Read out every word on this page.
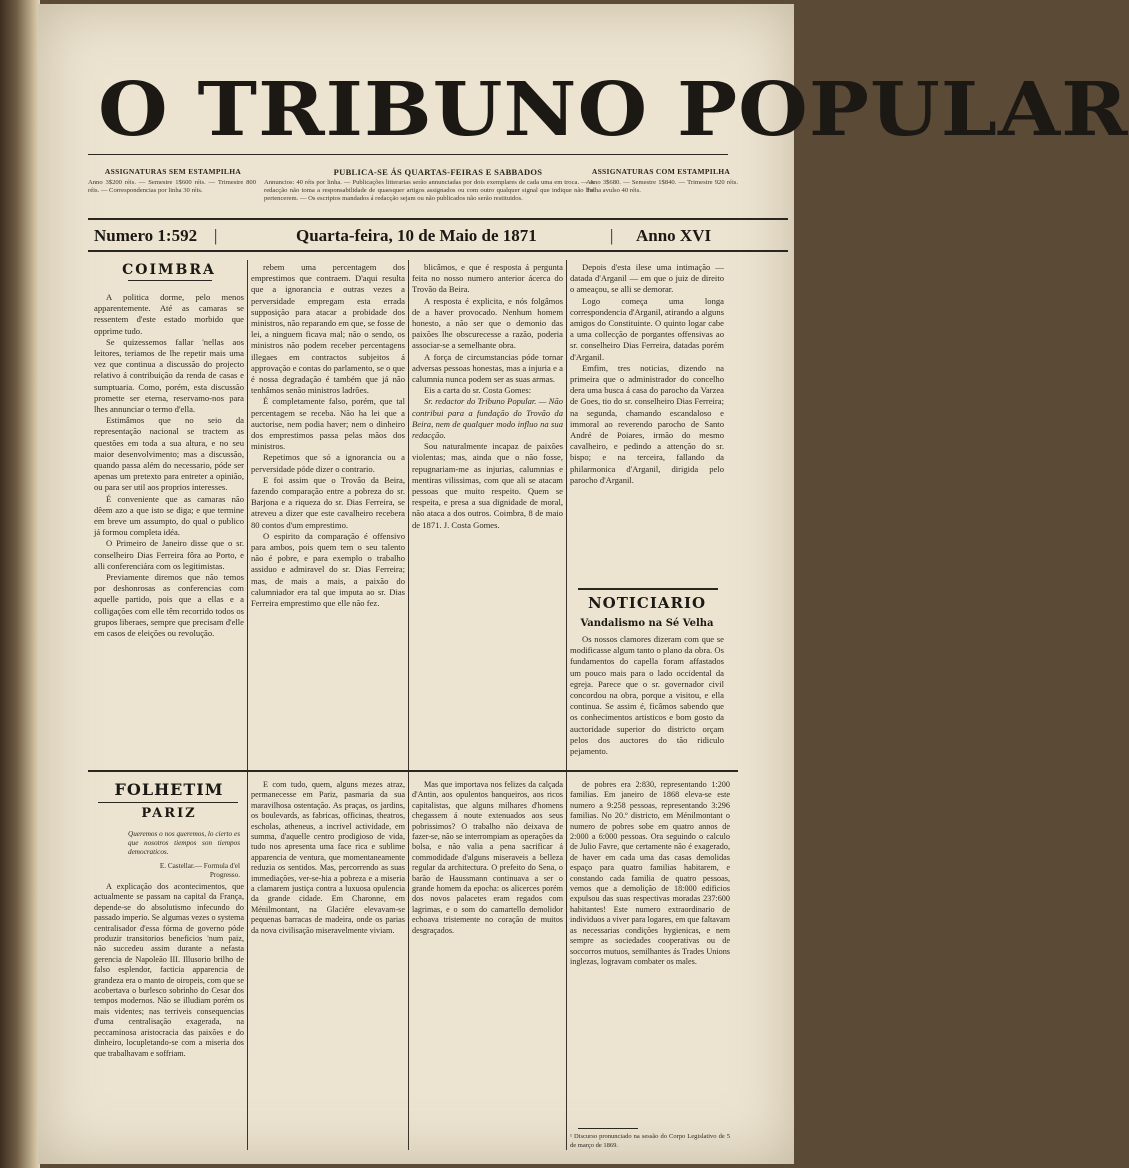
O TRIBUNO POPULAR
ASSIGNATURAS SEM ESTAMPILHA
Anno 3$200 réis. — Semestre 1$600 réis. — Trimestre 800 réis. — Correspondencias por linha 30 réis.
PUBLICA-SE ÁS QUARTAS-FEIRAS E SABBADOS
Annuncios: 40 réis por linha. — Publicações litterarias serão annunciadas por dois exemplares de cada uma em troca. — A redacção não toma a responsabilidade de quaesquer artigos assignados ou com outro qualquer signal que indique não lhe pertencerem. — Os escriptos mandados á redacção sejam ou não publicados não serão restituidos.
ASSIGNATURAS COM ESTAMPILHA
Anno 3$680. — Semestre 1$840. — Trimestre 920 réis. Folha avulso 40 réis.
Numero 1:592 |	Quarta-feira, 10 de Maio de 1871	| Anno XVI
COIMBRA

A politica dorme, pelo menos apparentemente. Até as camaras se ressentem d'este estado morbido que opprime tudo.

Se quizessemos fallar 'nellas aos leitores, teriamos de lhe repetir mais uma vez que continua a discussão do projecto relativo á contribuição da renda de casas e sumptuaria. Como, porém, esta discussão promette ser eterna, reservamo-nos para lhes annunciar o termo d'ella.

Estimâmos que no seio da representação nacional se tractem as questões em toda a sua altura, e no seu maior desenvolvimento; mas a discussão, quando passa além do necessario, póde ser apenas um pretexto para entreter a opinião, ou para ser util aos proprios interesses.

É conveniente que as camaras não dêem azo a que isto se diga; e que termine em breve um assumpto, do qual o publico já formou completa idéa.

O Primeiro de Janeiro disse que o sr. conselheiro Dias Ferreira fôra ao Porto, e alli conferenciára com os legitimistas.

Previamente diremos que não temos por deshonrosas as conferencias com aquelle partido, pois que a ellas e a colligações com elle têm recorrido todos os grupos liberaes, sempre que precisam d'elle em casos de eleições ou revolução.

rebem uma percentagem dos emprestimos que contraem. D'aqui resulta que a ignorancia e outras vezes a perversidade empregam esta errada supposição para atacar a probidade dos ministros, não reparando em que, se fosse de lei, a ninguem ficava mal; não o sendo, os ministros não podem receber percentagens illegaes em contractos subjeitos á approvação e contas do parlamento, se o que é nossa degradação é também que já não tenhâmos senão ministros ladrões.

É completamente falso, porém, que tal percentagem se receba. Não ha lei que a auctorise, nem podia haver; nem o dinheiro dos emprestimos passa pelas mãos dos ministros.

Repetimos que só a ignorancia ou a perversidade póde dizer o contrario.

E foi assim que o Trovão da Beira, fazendo comparação entre a pobreza do sr. Barjona e a riqueza do sr. Dias Ferreira, se atreveu a dizer que este cavalheiro recebera 80 contos d'um emprestimo.

O espirito da comparação é offensivo para ambos, pois quem tem o seu talento não é pobre, e para exemplo o trabalho assiduo e admiravel do sr. Dias Ferreira; mas, de mais a mais, a paixão do calumniador era tal que imputa ao sr. Dias Ferreira emprestimo que elle não fez.

blicâmos, e que é resposta á pergunta feita no nosso numero anterior ácerca do Trovão da Beira.

A resposta é explicita, e nós folgâmos de a haver provocado. Nenhum homem honesto, a não ser que o demonio das paixões lhe obscurecesse a razão, poderia associar-se a semelhante obra.

A força de circumstancias póde tornar adversas pessoas honestas, mas a injuria e a calumnia nunca podem ser as suas armas.

Eis a carta do sr. Costa Gomes:

Sr. redactor do Tribuno Popular. — Não contribui para a fundação do Trovão da Beira, nem de qualquer modo influo na sua redacção.

Sou naturalmente incapaz de paixões violentas; mas, ainda que o não fosse, repugnariam-me as injurias, calumnias e mentiras vilissimas, com que ali se atacam pessoas que muito respeito. Quem se respeita, e presa a sua dignidade de moral, não ataca a dos outros. Coimbra, 8 de maio de 1871. J. Costa Gomes.

Depois d'esta ilese uma intimação — datada d'Arganil — em que o juiz de direito o ameaçou, se alli se demorar.

Logo começa uma longa correspondencia d'Arganil, atirando a alguns amigos do Constituinte. O quinto logar cabe a uma collecção de porgantes offensivas ao sr. conselheiro Dias Ferreira, datadas porém d'Arganil.

Emfim, tres noticias, dizendo na primeira que o administrador do concelho dera uma busca á casa do parocho da Varzea de Goes, tio do sr. conselheiro Dias Ferreira; na segunda, chamando escandaloso e immoral ao reverendo parocho de Santo André de Poiares, irmão do mesmo cavalheiro, e pedindo a attenção do sr. bispo; e na terceira, fallando da philarmonica d'Arganil, dirigida pelo parocho d'Arganil.

NOTICIARIO
Vandalismo na Sé Velha

Os nossos clamores dizeram com que se modificasse algum tanto o plano da obra. Os fundamentos do capella foram affastados um pouco mais para o lado occidental da egreja. Parece que o sr. governador civil concordou na obra, porque a visitou, e ella continua. Se assim é, ficâmos sabendo que os conhecimentos artisticos e bom gosto da auctoridade superior do districto orçam pelos dos auctores do tão ridiculo pejamento.

FOLHETIM
PARIZ
Queremos o nos queremos, lo cierto es que nosotros tiempos son tiempos democraticos.
E. Castellar.— Formula d'el Progresso.

A explicação dos acontecimentos, que actualmente se passam na capital da França, depende-se do absolutismo infecundo do passado imperio. Se algumas vezes o systema centralisador d'essa fórma de governo póde produzir transitorios beneficios 'num paiz, não succedeu assim durante a nefasta gerencia de Napoleão III. Illusorio brilho de falso esplendor, facticia apparencia de grandeza era o manto de oiropeis, com que se acobertava o burlesco sobrinho do Cesar dos tempos modernos. Não se illudiam porém os mais videntes; nas terriveis consequencias d'uma centralisação exagerada, na peccaminosa aristocracia das paixões e do dinheiro, locupletando-se com a miseria dos que trabalhavam e soffriam.

E com tudo, quem, alguns mezes atraz, permanecesse em Pariz, pasmaria da sua maravilhosa ostentação. As praças, os jardins, os boulevards, as fabricas, officinas, theatros, escholas, atheneus, a incrivel actividade, em summa, d'aquelle centro prodigioso de vida, tudo nos apresenta uma face rica e sublime apparencia de ventura, que momentaneamente reduzia os sentidos. Mas, percorrendo as suas immediações, ver-se-hia a pobreza e a miseria a clamarem justiça contra a luxuosa opulencia da grande cidade. Em Charonne, em Ménilmontant, na Glaciére elevavam-se pequenas barracas de madeira, onde os parias da nova civilisação miseravelmente viviam.

Mas que importava nos felizes da calçada d'Antin, aos opulentos banqueiros, aos ricos capitalistas, que alguns milhares d'homens chegassem á noute extenuados aos seus pobrissimos? O trabalho não deixava de fazer-se, não se interrompiam as operações da bolsa, e não valia a pena sacrificar á commodidade d'alguns miseraveis a belleza regular da architectura. O prefeito do Sena, o barão de Haussmann continuava a ser o grande homem da epocha: os alicerces porém dos novos palacetes eram regados com lagrimas, e o som do camartello demolidor echoava tristemente no coração de muitos desgraçados.

de pobres era 2:830, representando 1:200 familias. Em janeiro de 1868 eleva-se este numero a 9:258 pessoas, representando 3:296 familias. No 20.º districto, em Ménilmontant o numero de pobres sobe em quatro annos de 2:000 a 6:000 pessoas. Ora seguindo o calculo de Julio Favre, que certamente não é exagerado, de haver em cada uma das casas demolidas espaço para quatro familias habitarem, e constando cada familia de quatro pessoas, vemos que a demolição de 18:000 edificios expulsou das suas respectivas moradas 237:600 habitantes! Este numero extraordinario de individuos a viver para logares, em que faltavam as necessarias condições hygienicas, e nem sempre as sociedades cooperativas ou de soccorros mutuos, semilhantes ás Trades Unions inglezas, logravam combater os males.

¹ Discurso pronunciado na sessão do Corpo Legislativo de 5 de março de 1869.
